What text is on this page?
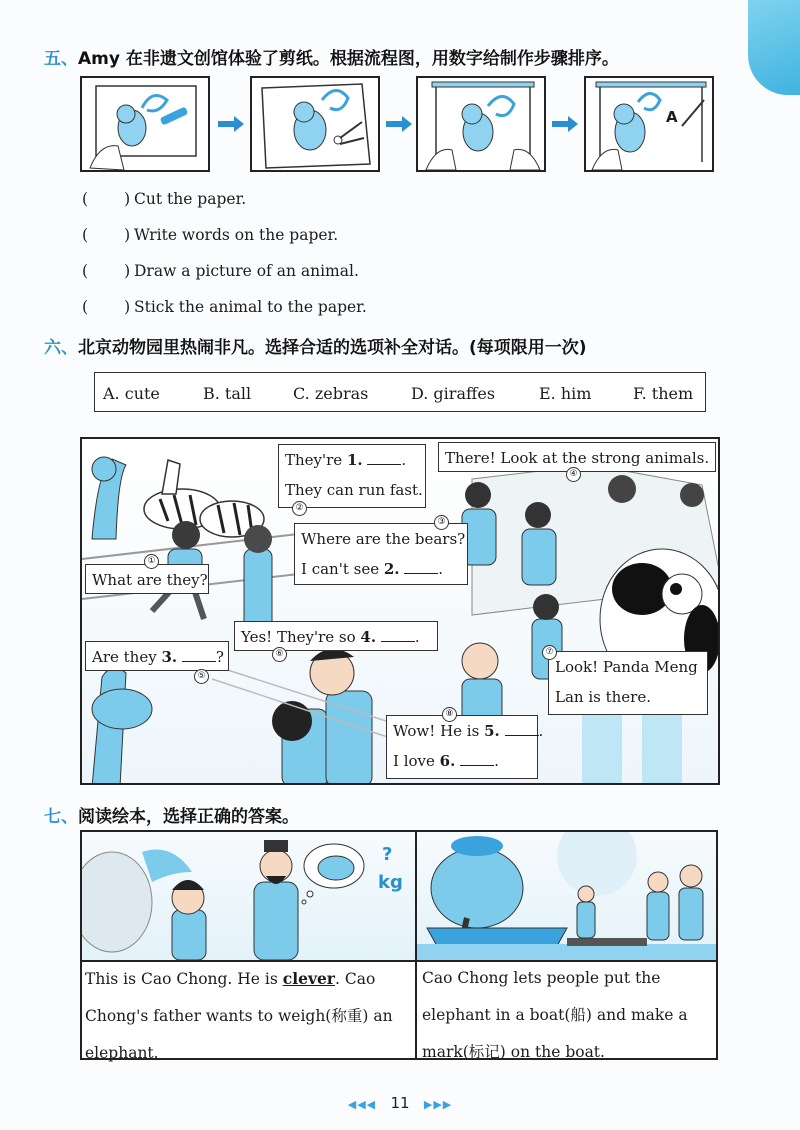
五、Amy 在非遗文创馆体验了剪纸。根据流程图，用数字给制作步骤排序。
A
( ) Cut the paper.
( ) Write words on the paper.
( ) Draw a picture of an animal.
( ) Stick the animal to the paper.
六、北京动物园里热闹非凡。选择合适的选项补全对话。(每项限用一次)
A. cute	B. tall	C. zebras	D. giraffes	E. him	F. them
They're 1.	.
They can run fast.
There! Look at the strong animals.
Where are the bears?
I can't see 2.	.
What are they?
Yes! They're so 4.	.
Are they 3.	?
Look! Panda Meng
Lan is there.
Wow! He is 5.	.
I love 6.	.
①
②
③
④
⑤
⑥	⑦
⑧
七、阅读绘本，选择正确的答案。
?
kg
This is Cao Chong. He is clever. Cao Chong's father wants to weigh(称重) an elephant.
Cao Chong lets people put the elephant in a boat(船) and make a mark(标记) on the boat.
◀◀◀ 11 ▶▶▶
